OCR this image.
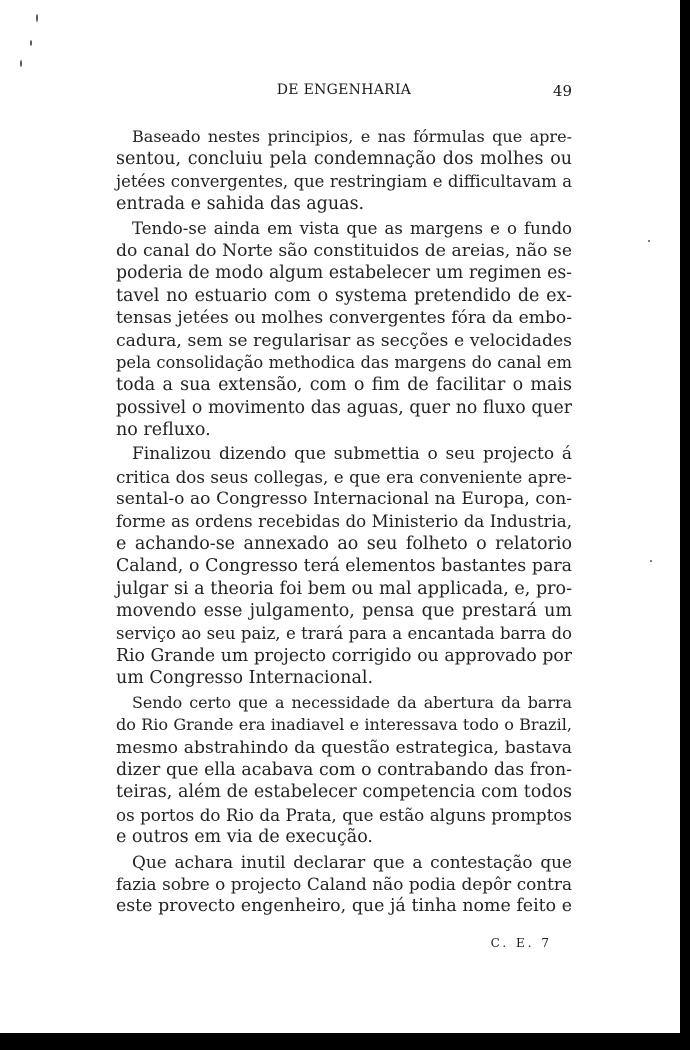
DE ENGENHARIA	49
Baseado nestes principios, e nas fórmulas que apre-
sentou, concluiu pela condemnação dos molhes ou
jetées convergentes, que restringiam e difficultavam a
entrada e sahida das aguas.
Tendo-se ainda em vista que as margens e o fundo
do canal do Norte são constituidos de areias, não se
poderia de modo algum estabelecer um regimen es-
tavel no estuario com o systema pretendido de ex-
tensas jetées ou molhes convergentes fóra da embo-
cadura, sem se regularisar as secções e velocidades
pela consolidação methodica das margens do canal em
toda a sua extensão, com o fim de facilitar o mais
possivel o movimento das aguas, quer no fluxo quer
no refluxo.
Finalizou dizendo que submettia o seu projecto á
critica dos seus collegas, e que era conveniente apre-
sental-o ao Congresso Internacional na Europa, con-
forme as ordens recebidas do Ministerio da Industria,
e achando-se annexado ao seu folheto o relatorio
Caland, o Congresso terá elementos bastantes para
julgar si a theoria foi bem ou mal applicada, e, pro-
movendo esse julgamento, pensa que prestará um
serviço ao seu paiz, e trará para a encantada barra do
Rio Grande um projecto corrigido ou approvado por
um Congresso Internacional.
Sendo certo que a necessidade da abertura da barra
do Rio Grande era inadiavel e interessava todo o Brazil,
mesmo abstrahindo da questão estrategica, bastava
dizer que ella acabava com o contrabando das fron-
teiras, além de estabelecer competencia com todos
os portos do Rio da Prata, que estão alguns promptos
e outros em via de execução.
Que achara inutil declarar que a contestação que
fazia sobre o projecto Caland não podia depôr contra
este provecto engenheiro, que já tinha nome feito e
C. E. 7
